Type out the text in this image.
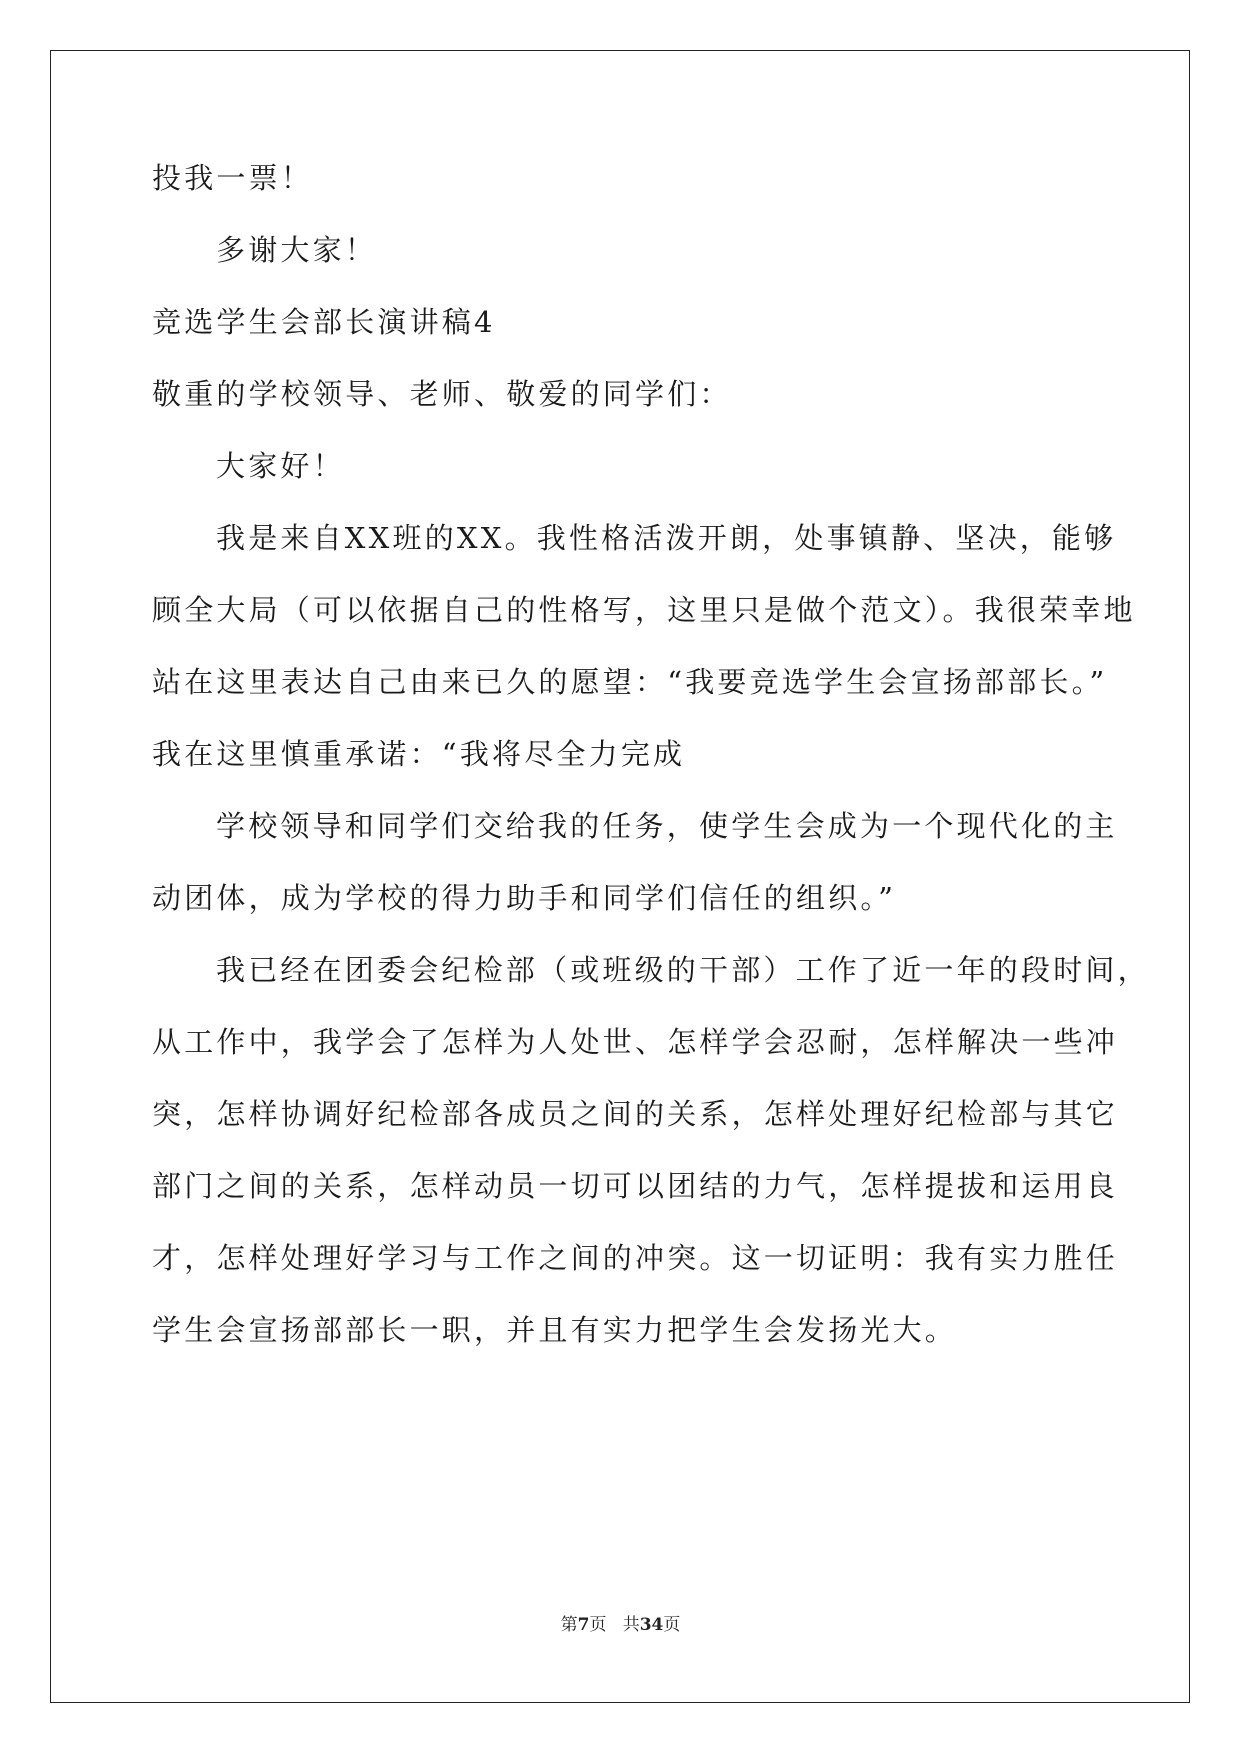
投我一票！
多谢大家！
竞选学生会部长演讲稿4
敬重的学校领导、老师、敬爱的同学们：
大家好！
我是来自XX班的XX。我性格活泼开朗，处事镇静、坚决，能够
顾全大局（可以依据自己的性格写，这里只是做个范文）。我很荣幸地
站在这里表达自己由来已久的愿望：“我要竞选学生会宣扬部部长。”
我在这里慎重承诺：“我将尽全力完成
学校领导和同学们交给我的任务，使学生会成为一个现代化的主
动团体，成为学校的得力助手和同学们信任的组织。”
我已经在团委会纪检部（或班级的干部）工作了近一年的段时间，
从工作中，我学会了怎样为人处世、怎样学会忍耐，怎样解决一些冲
突，怎样协调好纪检部各成员之间的关系，怎样处理好纪检部与其它
部门之间的关系，怎样动员一切可以团结的力气，怎样提拔和运用良
才，怎样处理好学习与工作之间的冲突。这一切证明：我有实力胜任
学生会宣扬部部长一职，并且有实力把学生会发扬光大。
第7页 共34页
